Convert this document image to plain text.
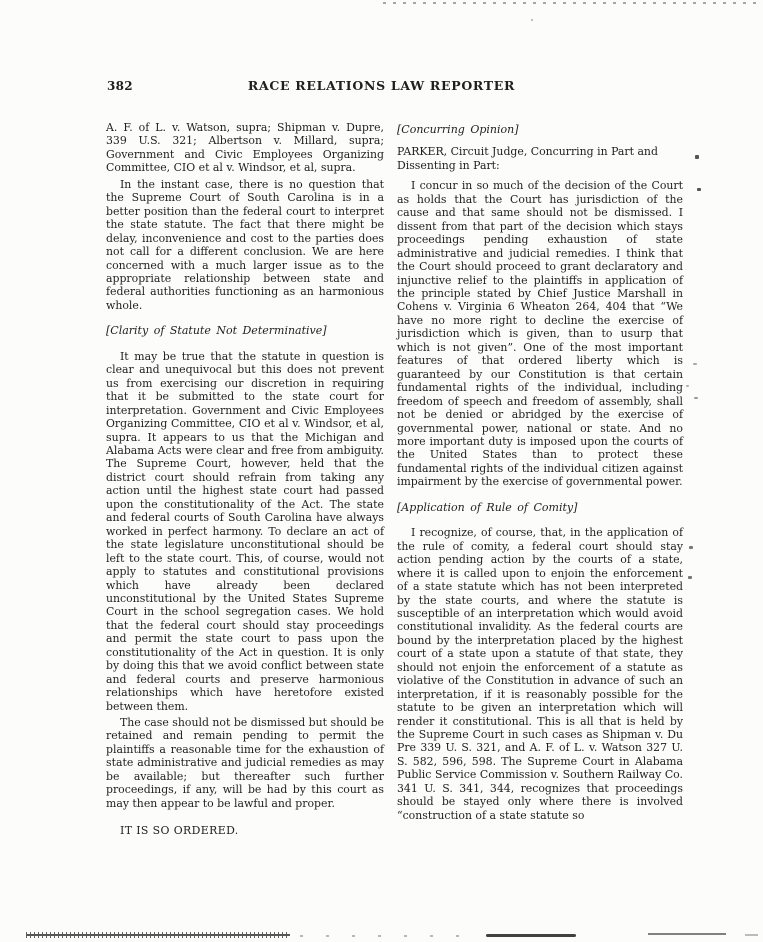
382	RACE RELATIONS LAW REPORTER

A. F. of L. v. Watson, supra; Shipman v. Dupre, 339 U.S. 321; Albertson v. Millard, supra; Government and Civic Employees Organizing Committee, CIO et al v. Windsor, et al, supra.

In the instant case, there is no question that the Supreme Court of South Carolina is in a better position than the federal court to interpret the state statute. The fact that there might be delay, inconvenience and cost to the parties does not call for a different conclusion. We are here concerned with a much larger issue as to the appropriate relationship between state and federal authorities functioning as an harmonious whole.

[Clarity of Statute Not Determinative]

It may be true that the statute in question is clear and unequivocal but this does not prevent us from exercising our discretion in requiring that it be submitted to the state court for interpretation. Government and Civic Employees Organizing Committee, CIO et al v. Windsor, et al, supra. It appears to us that the Michigan and Alabama Acts were clear and free from ambiguity. The Supreme Court, however, held that the district court should refrain from taking any action until the highest state court had passed upon the constitutionality of the Act. The state and federal courts of South Carolina have always worked in perfect harmony. To declare an act of the state legislature unconstitutional should be left to the state court. This, of course, would not apply to statutes and constitutional provisions which have already been declared unconstitutional by the United States Supreme Court in the school segregation cases. We hold that the federal court should stay proceedings and permit the state court to pass upon the constitutionality of the Act in question. It is only by doing this that we avoid conflict between state and federal courts and preserve harmonious relationships which have heretofore existed between them.

The case should not be dismissed but should be retained and remain pending to permit the plaintiffs a reasonable time for the exhaustion of state administrative and judicial remedies as may be available; but thereafter such further proceedings, if any, will be had by this court as may then appear to be lawful and proper.

IT IS SO ORDERED.

[Concurring Opinion]

PARKER, Circuit Judge, Concurring in Part and Dissenting in Part:

I concur in so much of the decision of the Court as holds that the Court has jurisdiction of the cause and that same should not be dismissed. I dissent from that part of the decision which stays proceedings pending exhaustion of state administrative and judicial remedies. I think that the Court should proceed to grant declaratory and injunctive relief to the plaintiffs in application of the principle stated by Chief Justice Marshall in Cohens v. Virginia 6 Wheaton 264, 404 that “We have no more right to decline the exercise of jurisdiction which is given, than to usurp that which is not given”. One of the most important features of that ordered liberty which is guaranteed by our Constitution is that certain fundamental rights of the individual, including freedom of speech and freedom of assembly, shall not be denied or abridged by the exercise of governmental power, national or state. And no more important duty is imposed upon the courts of the United States than to protect these fundamental rights of the individual citizen against impairment by the exercise of governmental power.

[Application of Rule of Comity]

I recognize, of course, that, in the application of the rule of comity, a federal court should stay action pending action by the courts of a state, where it is called upon to enjoin the enforcement of a state statute which has not been interpreted by the state courts, and where the statute is susceptible of an interpretation which would avoid constitutional invalidity. As the federal courts are bound by the interpretation placed by the highest court of a state upon a statute of that state, they should not enjoin the enforcement of a statute as violative of the Constitution in advance of such an interpretation, if it is reasonably possible for the statute to be given an interpretation which will render it constitutional. This is all that is held by the Supreme Court in such cases as Shipman v. Du Pre 339 U. S. 321, and A. F. of L. v. Watson 327 U. S. 582, 596, 598. The Supreme Court in Alabama Public Service Commission v. Southern Railway Co. 341 U. S. 341, 344, recognizes that proceedings should be stayed only where there is involved “construction of a state statute so
